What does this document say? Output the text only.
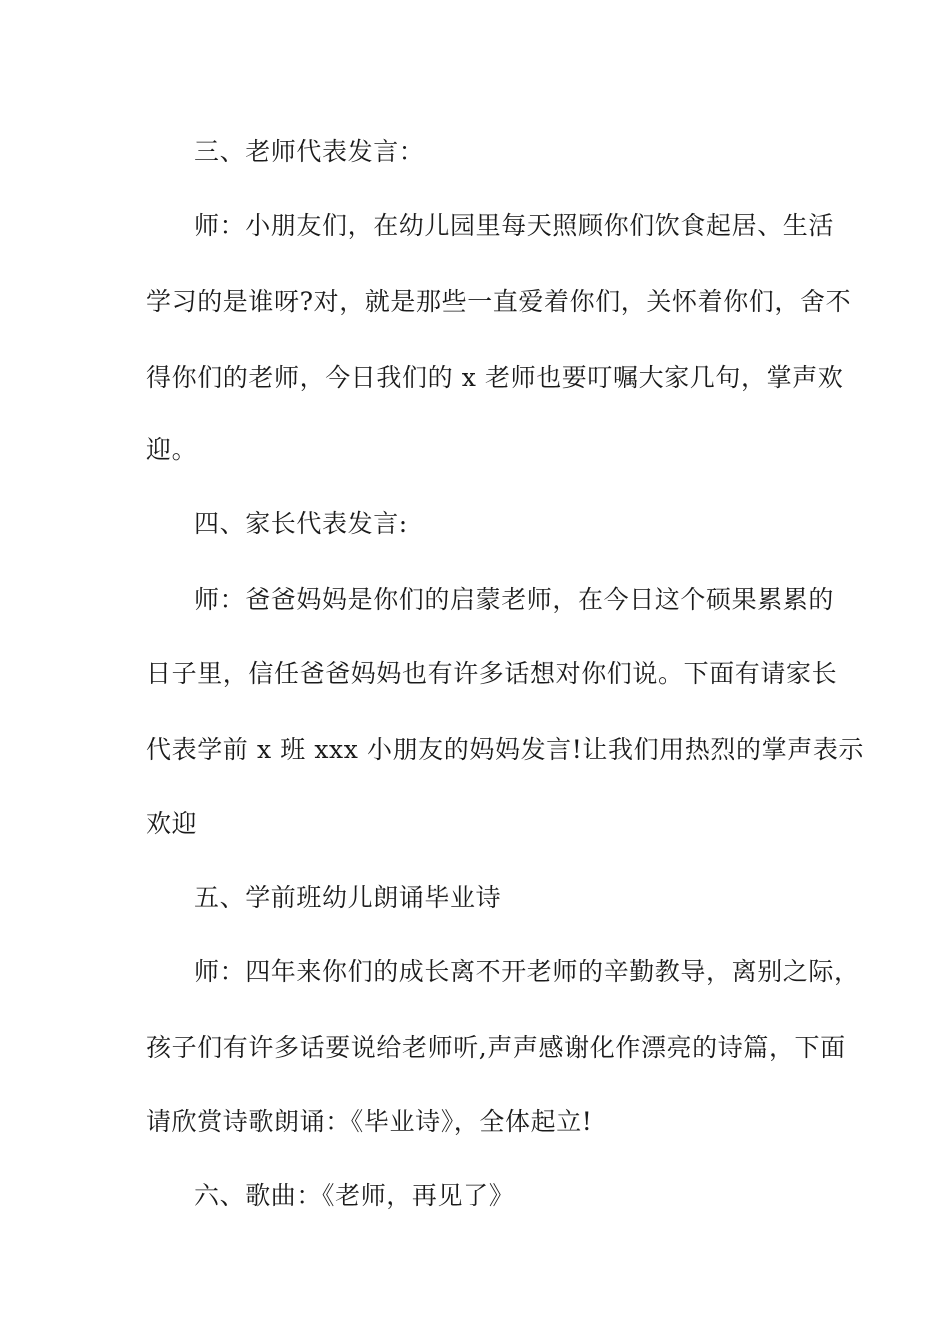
三、老师代表发言：
师：小朋友们，在幼儿园里每天照顾你们饮食起居、生活
学习的是谁呀?对，就是那些一直爱着你们，关怀着你们，舍不
得你们的老师，今日我们的 x 老师也要叮嘱大家几句，掌声欢
迎。
四、家长代表发言:
师：爸爸妈妈是你们的启蒙老师，在今日这个硕果累累的
日子里，信任爸爸妈妈也有许多话想对你们说。下面有请家长
代表学前 x 班 xxx 小朋友的妈妈发言!让我们用热烈的掌声表示
欢迎
五、学前班幼儿朗诵毕业诗
师：四年来你们的成长离不开老师的辛勤教导，离别之际，
孩子们有许多话要说给老师听,声声感谢化作漂亮的诗篇，下面
请欣赏诗歌朗诵：《毕业诗》，全体起立!
六、歌曲：《老师，再见了》
